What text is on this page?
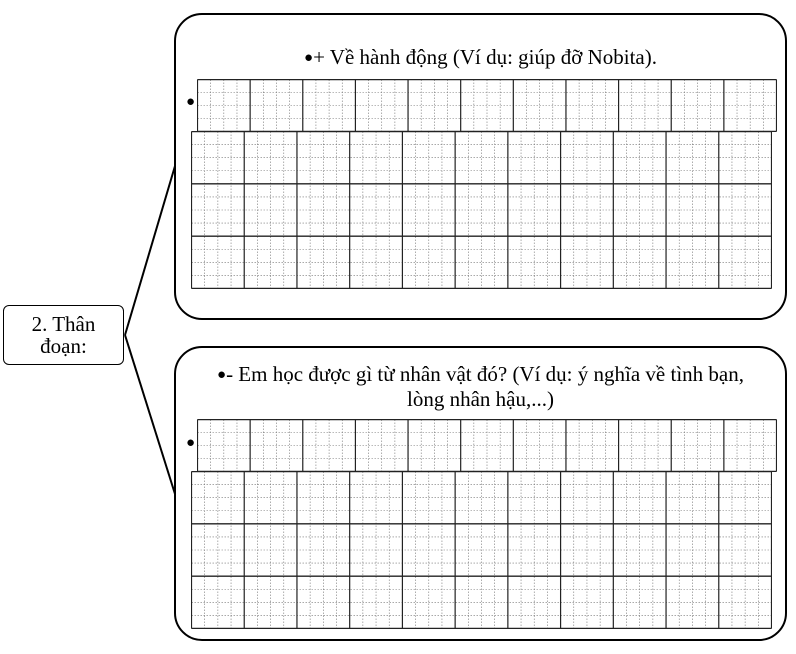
2. Thân
đoạn:
●+ Về hành động (Ví dụ: giúp đỡ Nobita).
●- Em học được gì từ nhân vật đó? (Ví dụ: ý nghĩa về tình bạn, lòng nhân hậu,...)
●
●
